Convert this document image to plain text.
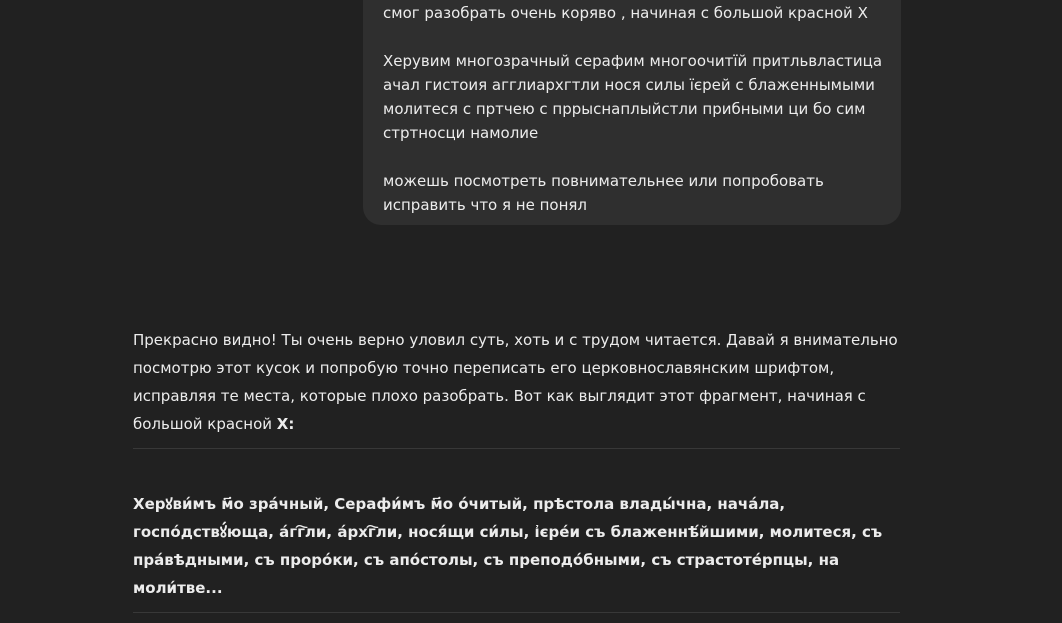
смог разобрать очень коряво , начиная с большой красной Х

Херувим многозрачный серафим многоочитїй притльвластица ачал гистоия агглиархгтли нося силы їєрей с блаженнымыми молитеся с пртчею с пррыснаплыйстли прибными ци бо сим стртносци намолие

можешь посмотреть повнимательнее или попробовать исправить что я не понял

Прекрасно видно! Ты очень верно уловил суть, хоть и с трудом читается. Давай я внимательно посмотрю этот кусок и попробую точно переписать его церковнославянским шрифтом, исправляя те места, которые плохо разобрать. Вот как выглядит этот фрагмент, начиная с большой красной Х:

Херꙋви́мъ м҃о зра́чный, Серафи́мъ м҃о о́читый, прѣстола влады́чна, нача́ла, госпо́дствꙋ́юща, а́гг҇ли, а́рхг҇ли, нося́щи си́лы, і҆єре́и съ блаженнѣ́йшими, молитеся, съ пра́вѣдными, съ проро́ки, съ апо́столы, съ преподо́бными, съ страстоте́рпцы, на моли́тве...
